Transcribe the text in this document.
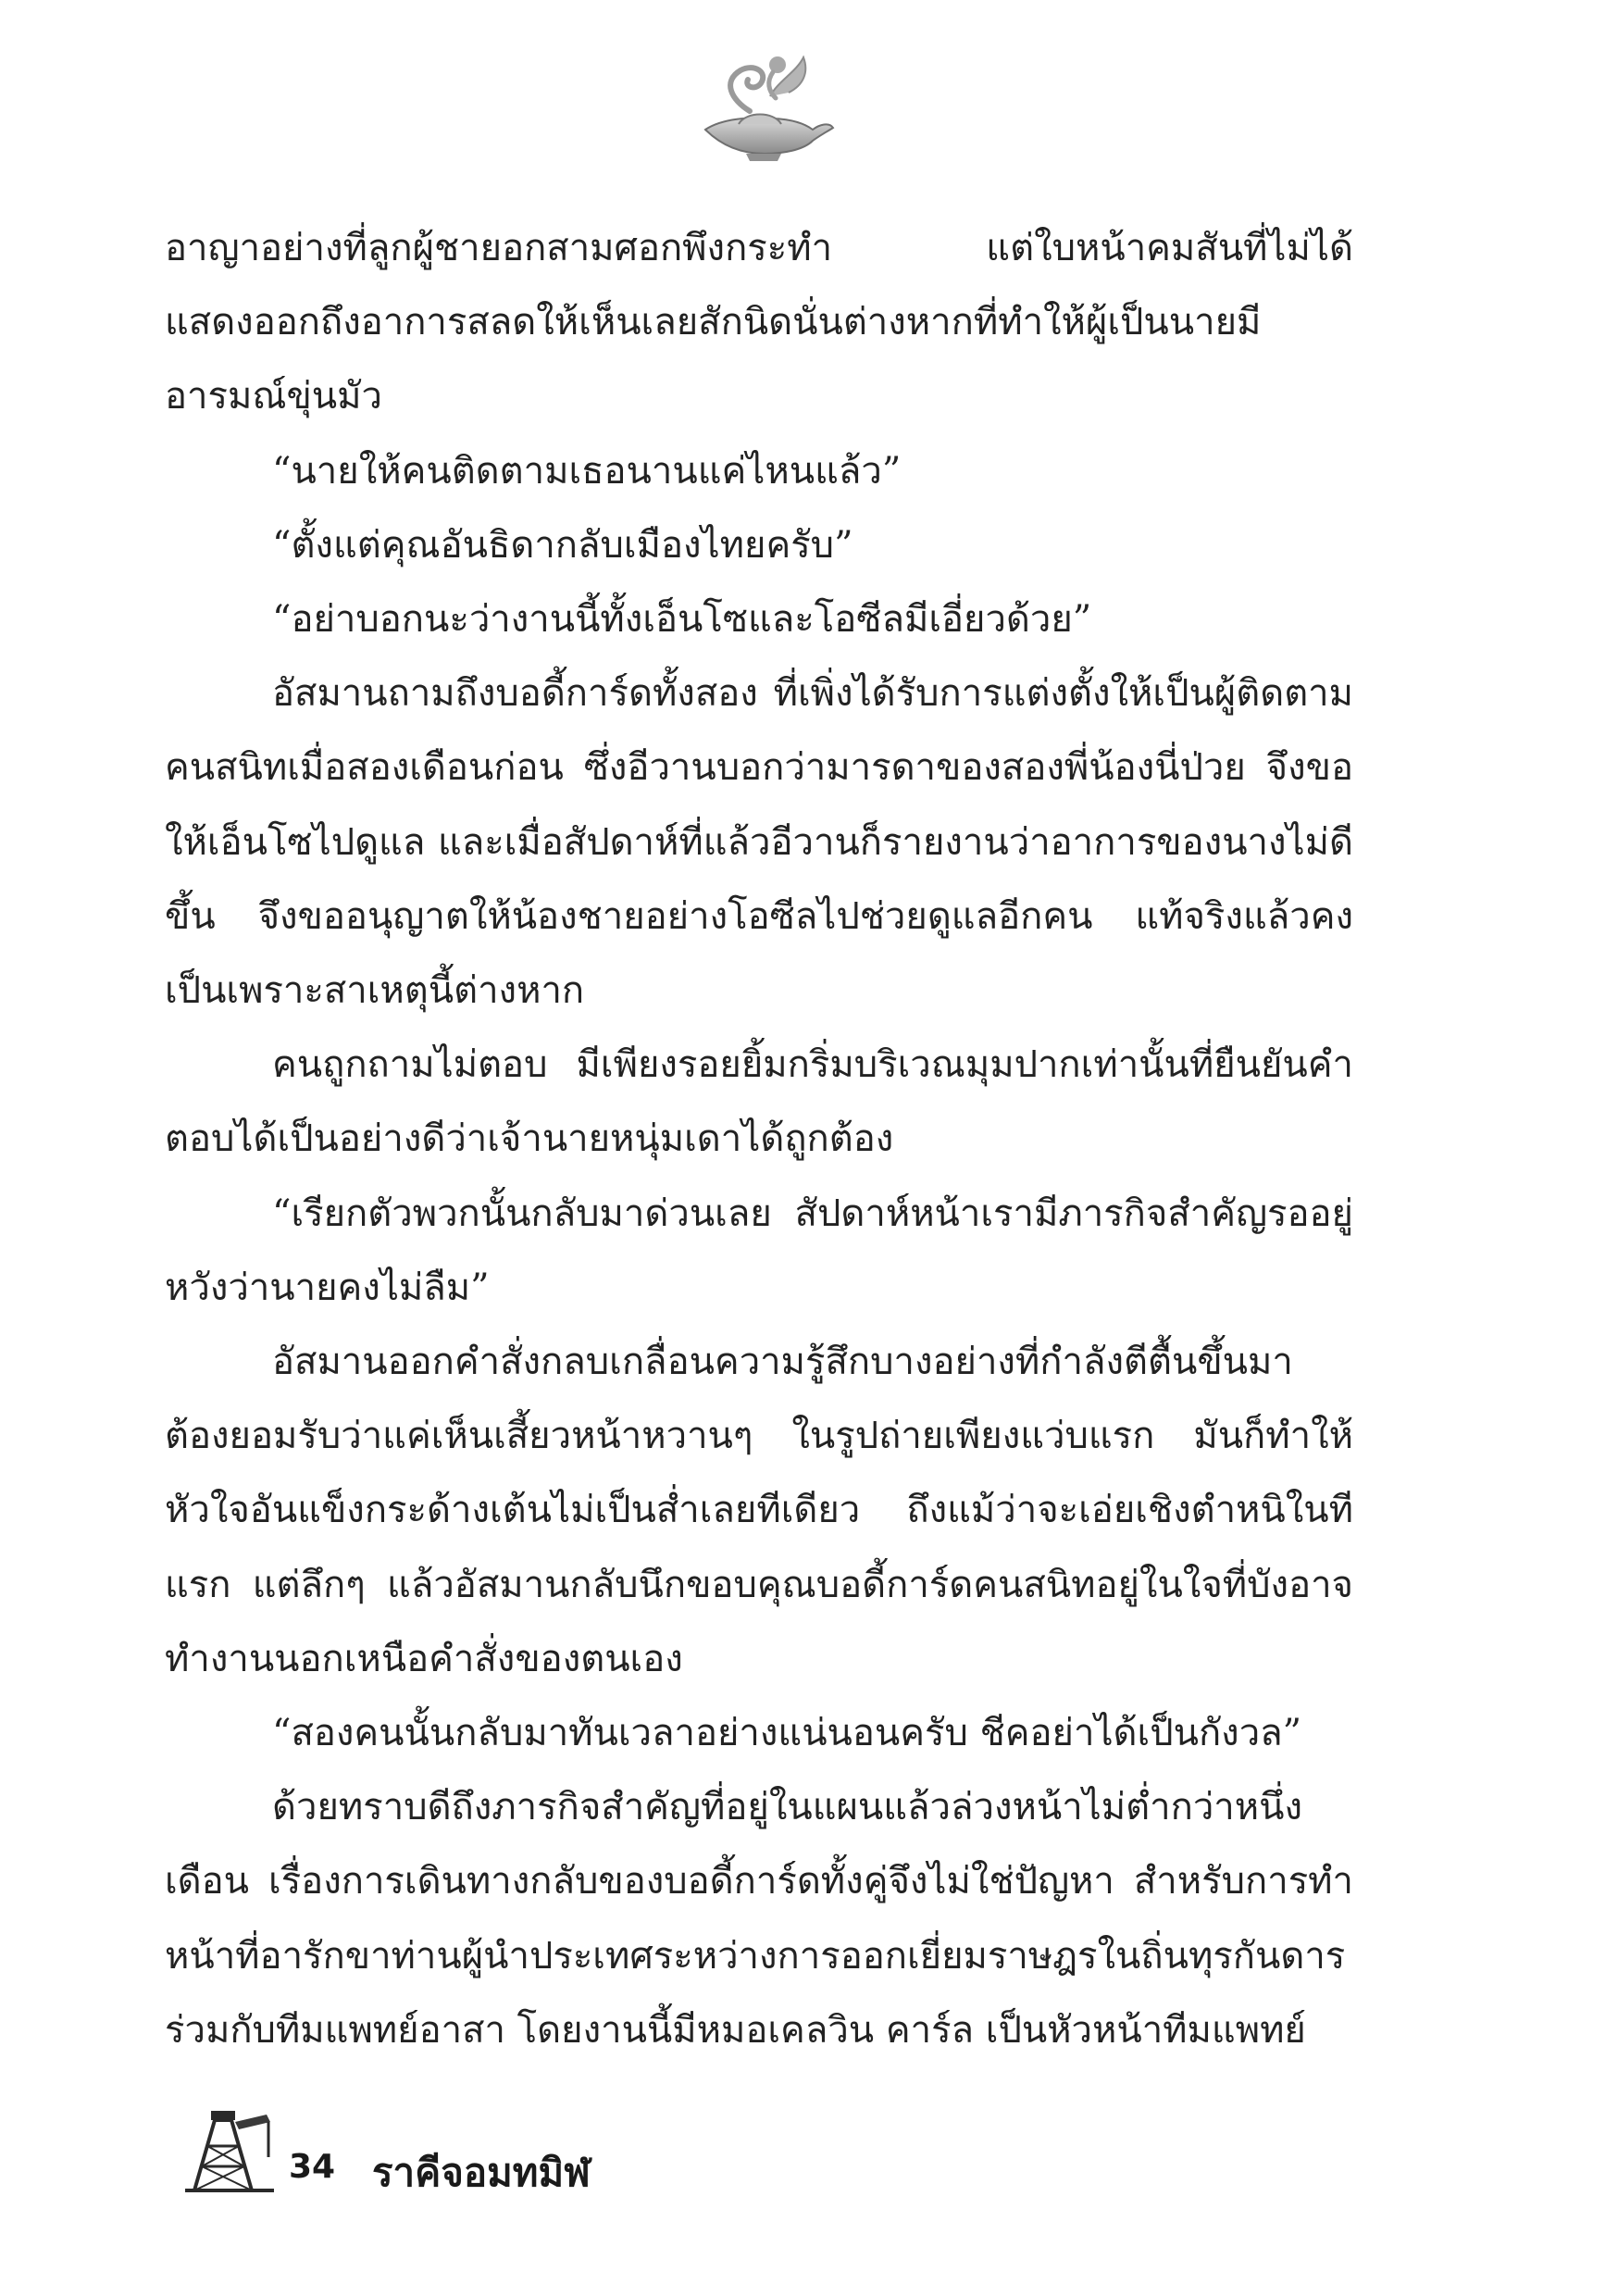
อาญาอย่างที่ลูกผู้ชายอกสามศอกพึงกระทำ แต่ใบหน้าคมสันที่ไม่ได้แสดงออกถึงอาการสลดให้เห็นเลยสักนิดนั่นต่างหากที่ทำให้ผู้เป็นนายมีอารมณ์ขุ่นมัว

“นายให้คนติดตามเธอนานแค่ไหนแล้ว”

“ตั้งแต่คุณอันธิดากลับเมืองไทยครับ”

“อย่าบอกนะว่างานนี้ทั้งเอ็นโซและโอซีลมีเอี่ยวด้วย”

อัสมานถามถึงบอดี้การ์ดทั้งสอง ที่เพิ่งได้รับการแต่งตั้งให้เป็นผู้ติดตามคนสนิทเมื่อสองเดือนก่อน ซึ่งอีวานบอกว่ามารดาของสองพี่น้องนี่ป่วย จึงขอให้เอ็นโซไปดูแล และเมื่อสัปดาห์ที่แล้วอีวานก็รายงานว่าอาการของนางไม่ดีขึ้น จึงขออนุญาตให้น้องชายอย่างโอซีลไปช่วยดูแลอีกคน แท้จริงแล้วคงเป็นเพราะสาเหตุนี้ต่างหาก

คนถูกถามไม่ตอบ มีเพียงรอยยิ้มกริ่มบริเวณมุมปากเท่านั้นที่ยืนยันคำตอบได้เป็นอย่างดีว่าเจ้านายหนุ่มเดาได้ถูกต้อง

“เรียกตัวพวกนั้นกลับมาด่วนเลย สัปดาห์หน้าเรามีภารกิจสำคัญรออยู่ หวังว่านายคงไม่ลืม”

อัสมานออกคำสั่งกลบเกลื่อนความรู้สึกบางอย่างที่กำลังตีตื้นขึ้นมา ต้องยอมรับว่าแค่เห็นเสี้ยวหน้าหวานๆ ในรูปถ่ายเพียงแว่บแรก มันก็ทำให้หัวใจอันแข็งกระด้างเต้นไม่เป็นส่ำเลยทีเดียว ถึงแม้ว่าจะเอ่ยเชิงตำหนิในทีแรก แต่ลึกๆ แล้วอัสมานกลับนึกขอบคุณบอดี้การ์ดคนสนิทอยู่ในใจที่บังอาจทำงานนอกเหนือคำสั่งของตนเอง

“สองคนนั้นกลับมาทันเวลาอย่างแน่นอนครับ ชีคอย่าได้เป็นกังวล”

ด้วยทราบดีถึงภารกิจสำคัญที่อยู่ในแผนแล้วล่วงหน้าไม่ต่ำกว่าหนึ่งเดือน เรื่องการเดินทางกลับของบอดี้การ์ดทั้งคู่จึงไม่ใช่ปัญหา สำหรับการทำหน้าที่อารักขาท่านผู้นำประเทศระหว่างการออกเยี่ยมราษฎรในถิ่นทุรกันดารร่วมกับทีมแพทย์อาสา โดยงานนี้มีหมอเคลวิน คาร์ล เป็นหัวหน้าทีมแพทย์

34 ราคีจอมทมิฬ
